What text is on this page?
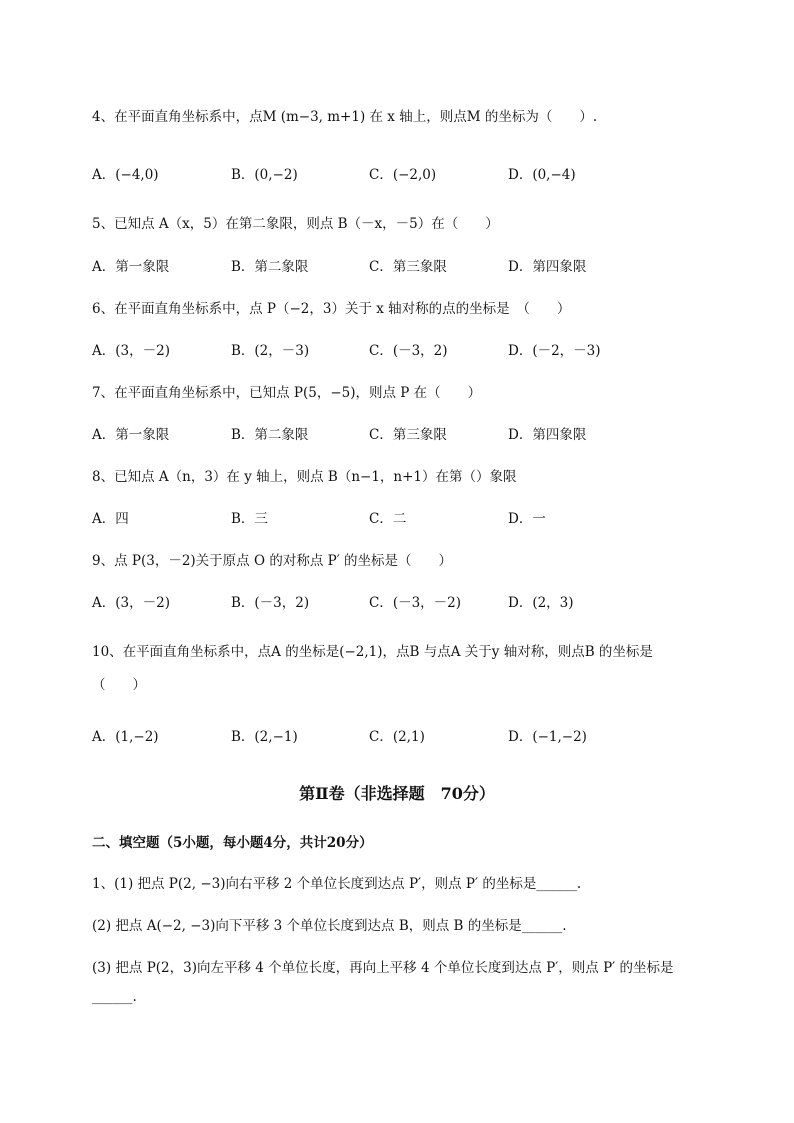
4、在平面直角坐标系中，点M (m−3, m+1) 在 x 轴上，则点M 的坐标为（　　）.
A．(−4,0)	B．(0,−2)	C．(−2,0)	D．(0,−4)
5、已知点 A（x，5）在第二象限，则点 B（－x，－5）在（　　）
A．第一象限	B．第二象限	C．第三象限	D．第四象限
6、在平面直角坐标系中，点 P（−2，3）关于 x 轴对称的点的坐标是　（　　）
A．(3，－2)	B．(2，－3)	C．(－3，2)	D．(－2，－3)
7、在平面直角坐标系中，已知点 P(5，−5)，则点 P 在（　　）
A．第一象限	B．第二象限	C．第三象限	D．第四象限
8、已知点 A（n，3）在 y 轴上，则点 B（n−1，n+1）在第（）象限
A．四	B．三	C．二	D．一
9、点 P(3，－2)关于原点 O 的对称点 P′ 的坐标是（　　）
A．(3，－2)	B．(－3，2)	C．(－3，－2)	D．(2，3)
10、在平面直角坐标系中，点A 的坐标是(−2,1)，点B 与点A 关于y 轴对称，则点B 的坐标是
（　　）
A．(1,−2)	B．(2,−1)	C．(2,1)	D．(−1,−2)
第Ⅱ卷（非选择题　70分）
二、填空题（5小题，每小题4分，共计20分）
1、(1) 把点 P(2, −3)向右平移 2 个单位长度到达点 P′，则点 P′ 的坐标是______.
(2) 把点 A(−2, −3)向下平移 3 个单位长度到达点 B，则点 B 的坐标是______.
(3) 把点 P(2，3)向左平移 4 个单位长度，再向上平移 4 个单位长度到达点 P′，则点 P′ 的坐标是
______.
